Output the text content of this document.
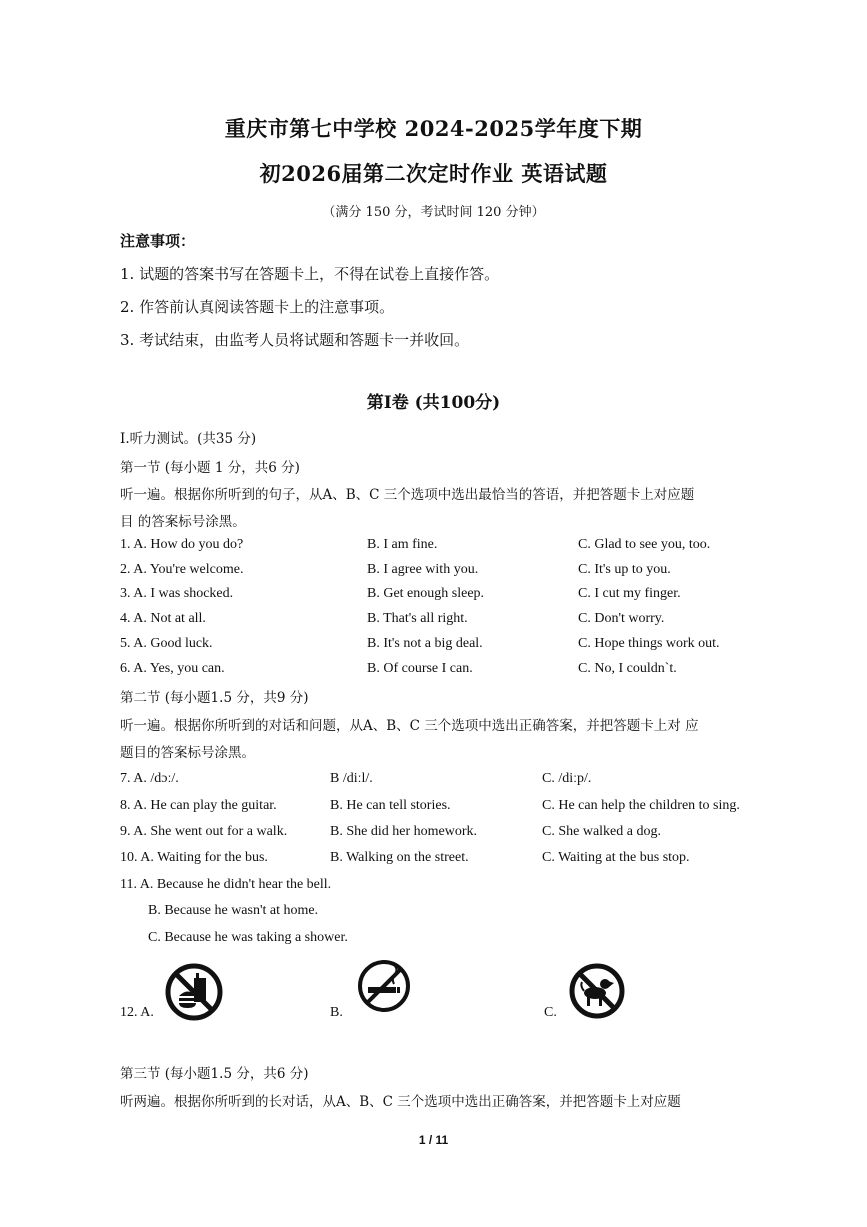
重庆市第七中学校 2024-2025学年度下期
初2026届第二次定时作业 英语试题
（满分 150 分，考试时间 120 分钟）
注意事项：
1. 试题的答案书写在答题卡上，不得在试卷上直接作答。
2. 作答前认真阅读答题卡上的注意事项。
3. 考试结束，由监考人员将试题和答题卡一并收回。
第I卷 (共100分)
I.听力测试。(共35 分)
第一节 (每小题 1 分，共6 分)
听一遍。根据你所听到的句子，从A、B、C 三个选项中选出最恰当的答语，并把答题卡上对应题
目 的答案标号涂黑。
1. A. How do you do?	B. I am fine.	C. Glad to see you, too.
2. A. You're welcome.	B. I agree with you.	C. It's up to you.
3. A. I was shocked.	B. Get enough sleep.	C. I cut my finger.
4. A. Not at all.	B. That's all right.	C. Don't worry.
5. A. Good luck.	B. It's not a big deal.	C. Hope things work out.
6. A. Yes, you can.	B. Of course I can.	C. No, I couldn`t.
第二节 (每小题1.5 分，共9 分)
听一遍。根据你所听到的对话和问题，从A、B、C 三个选项中选出正确答案，并把答题卡上对 应
题目的答案标号涂黑。
7. A. /dɔː/.	B /diːl/.	C. /diːp/.
8. A. He can play the guitar.	B. He can tell stories.	C. He can help the children to sing.
9. A. She went out for a walk.	B. She did her homework.	C. She walked a dog.
10. A. Waiting for the bus.	B. Walking on the street.	C. Waiting at the bus stop.
11. A. Because he didn't hear the bell.
B. Because he wasn't at home.
C. Because he was taking a shower.
12. A.	B.	C.
第三节 (每小题1.5 分，共6 分)
听两遍。根据你所听到的长对话，从A、B、C 三个选项中选出正确答案，并把答题卡上对应题
1 / 11
